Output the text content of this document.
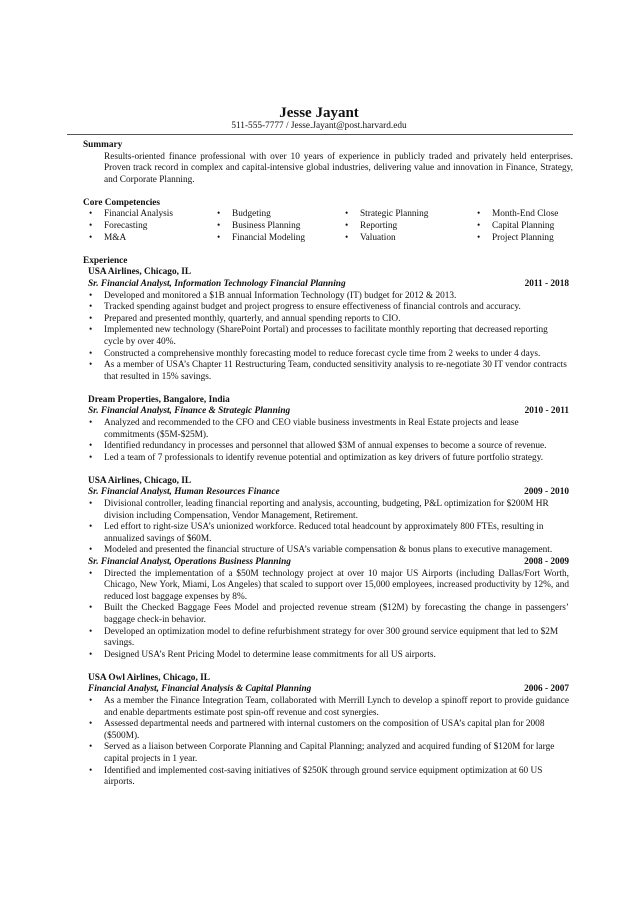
Jesse Jayant
511-555-7777 / Jesse.Jayant@post.harvard.edu
Summary
Results-oriented finance professional with over 10 years of experience in publicly traded and privately held enterprises. Proven track record in complex and capital-intensive global industries, delivering value and innovation in Finance, Strategy, and Corporate Planning.
Core Competencies
• Financial Analysis	• Budgeting	• Strategic Planning	• Month-End Close
• Forecasting	• Business Planning	• Reporting	• Capital Planning
• M&A	• Financial Modeling	• Valuation	• Project Planning
Experience
USA Airlines, Chicago, IL
Sr. Financial Analyst, Information Technology Financial Planning	2011 - 2018
• Developed and monitored a $1B annual Information Technology (IT) budget for 2012 & 2013.
• Tracked spending against budget and project progress to ensure effectiveness of financial controls and accuracy.
• Prepared and presented monthly, quarterly, and annual spending reports to CIO.
• Implemented new technology (SharePoint Portal) and processes to facilitate monthly reporting that decreased reporting cycle by over 40%.
• Constructed a comprehensive monthly forecasting model to reduce forecast cycle time from 2 weeks to under 4 days.
• As a member of USA’s Chapter 11 Restructuring Team, conducted sensitivity analysis to re-negotiate 30 IT vendor contracts that resulted in 15% savings.
Dream Properties, Bangalore, India
Sr. Financial Analyst, Finance & Strategic Planning	2010 - 2011
• Analyzed and recommended to the CFO and CEO viable business investments in Real Estate projects and lease commitments ($5M-$25M).
• Identified redundancy in processes and personnel that allowed $3M of annual expenses to become a source of revenue.
• Led a team of 7 professionals to identify revenue potential and optimization as key drivers of future portfolio strategy.
USA Airlines, Chicago, IL
Sr. Financial Analyst, Human Resources Finance	2009 - 2010
• Divisional controller, leading financial reporting and analysis, accounting, budgeting, P&L optimization for $200M HR division including Compensation, Vendor Management, Retirement.
• Led effort to right-size USA’s unionized workforce. Reduced total headcount by approximately 800 FTEs, resulting in annualized savings of $60M.
• Modeled and presented the financial structure of USA’s variable compensation & bonus plans to executive management.
Sr. Financial Analyst, Operations Business Planning	2008 - 2009
• Directed the implementation of a $50M technology project at over 10 major US Airports (including Dallas/Fort Worth, Chicago, New York, Miami, Los Angeles) that scaled to support over 15,000 employees, increased productivity by 12%, and reduced lost baggage expenses by 8%.
• Built the Checked Baggage Fees Model and projected revenue stream ($12M) by forecasting the change in passengers’ baggage check-in behavior.
• Developed an optimization model to define refurbishment strategy for over 300 ground service equipment that led to $2M savings.
• Designed USA’s Rent Pricing Model to determine lease commitments for all US airports.
USA Owl Airlines, Chicago, IL
Financial Analyst, Financial Analysis & Capital Planning	2006 - 2007
• As a member the Finance Integration Team, collaborated with Merrill Lynch to develop a spinoff report to provide guidance and enable departments estimate post spin-off revenue and cost synergies.
• Assessed departmental needs and partnered with internal customers on the composition of USA’s capital plan for 2008 ($500M).
• Served as a liaison between Corporate Planning and Capital Planning; analyzed and acquired funding of $120M for large capital projects in 1 year.
• Identified and implemented cost-saving initiatives of $250K through ground service equipment optimization at 60 US airports.
